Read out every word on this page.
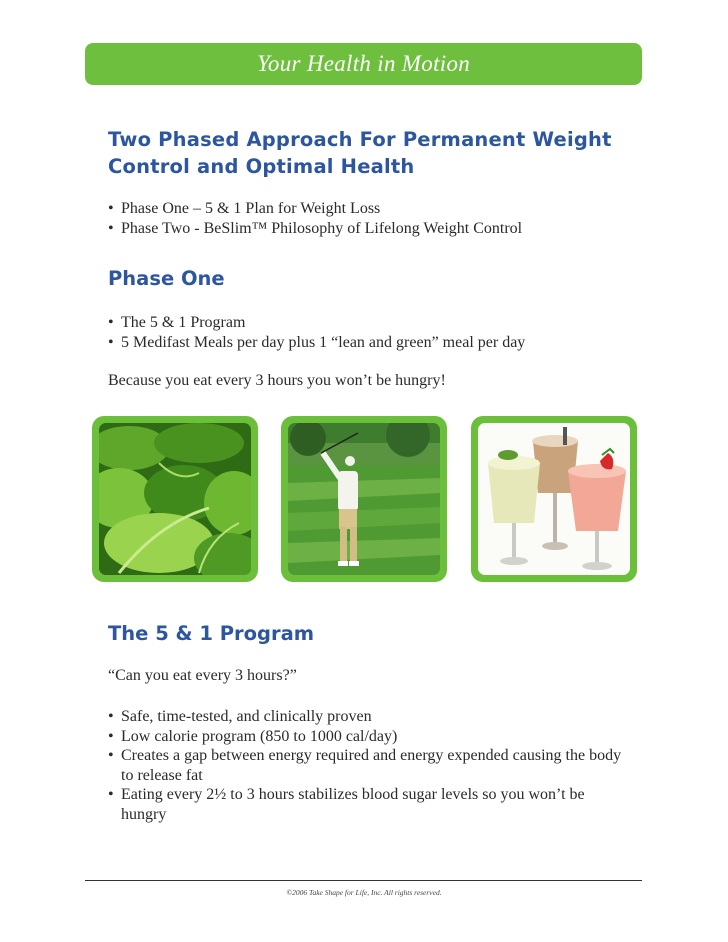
Your Health in Motion
Two Phased Approach For Permanent Weight Control and Optimal Health
• Phase One – 5 & 1 Plan for Weight Loss
• Phase Two - BeSlim™ Philosophy of Lifelong Weight Control
Phase One
• The 5 & 1 Program
• 5 Medifast Meals per day plus 1 “lean and green” meal per day
Because you eat every 3 hours you won’t be hungry!
The 5 & 1 Program
“Can you eat every 3 hours?”
• Safe, time-tested, and clinically proven
• Low calorie program (850 to 1000 cal/day)
• Creates a gap between energy required and energy expended causing the body to release fat
• Eating every 2½ to 3 hours stabilizes blood sugar levels so you won’t be hungry
©2006 Take Shape for Life, Inc. All rights reserved.
